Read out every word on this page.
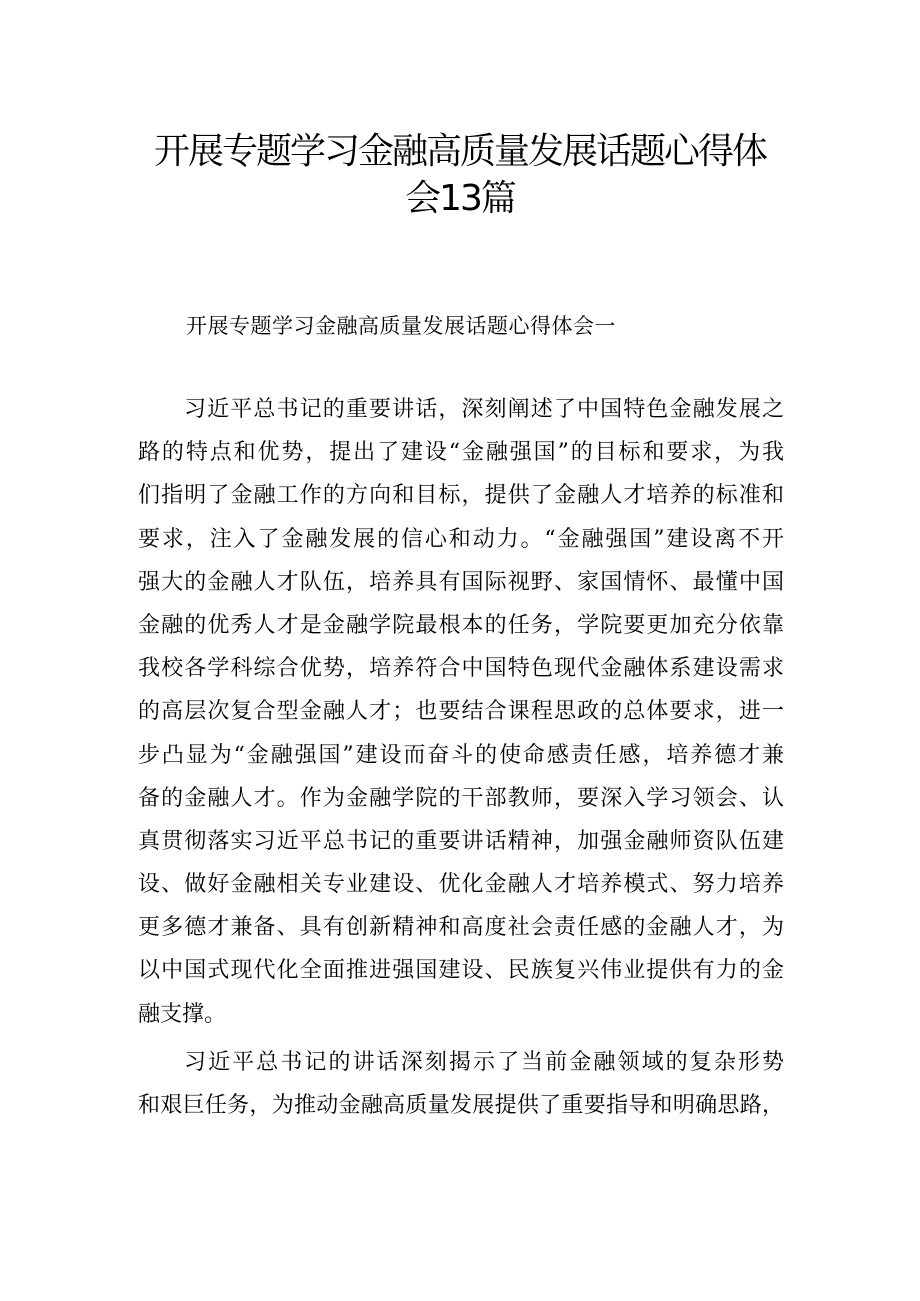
开展专题学习金融高质量发展话题心得体
会13篇
开展专题学习金融高质量发展话题心得体会一
习近平总书记的重要讲话，深刻阐述了中国特色金融发展之
路的特点和优势，提出了建设“金融强国”的目标和要求，为我
们指明了金融工作的方向和目标，提供了金融人才培养的标准和
要求，注入了金融发展的信心和动力。“金融强国”建设离不开
强大的金融人才队伍，培养具有国际视野、家国情怀、最懂中国
金融的优秀人才是金融学院最根本的任务，学院要更加充分依靠
我校各学科综合优势，培养符合中国特色现代金融体系建设需求
的高层次复合型金融人才；也要结合课程思政的总体要求，进一
步凸显为“金融强国”建设而奋斗的使命感责任感，培养德才兼
备的金融人才。作为金融学院的干部教师，要深入学习领会、认
真贯彻落实习近平总书记的重要讲话精神，加强金融师资队伍建
设、做好金融相关专业建设、优化金融人才培养模式、努力培养
更多德才兼备、具有创新精神和高度社会责任感的金融人才，为
以中国式现代化全面推进强国建设、民族复兴伟业提供有力的金
融支撑。
习近平总书记的讲话深刻揭示了当前金融领域的复杂形势
和艰巨任务，为推动金融高质量发展提供了重要指导和明确思路，
